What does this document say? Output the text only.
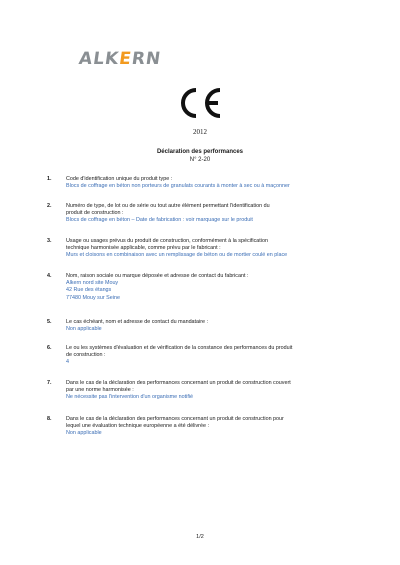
ALKERN
2012
Déclaration des performances
N° 2-20
1.	Code d'identification unique du produit type :
Blocs de coffrage en béton non porteurs de granulats courants à monter à sec ou à maçonner
2.	Numéro de type, de lot ou de série ou tout autre élément permettant l'identification du
produit de construction :
Blocs de coffrage en béton – Date de fabrication : voir marquage sur le produit
3.	Usage ou usages prévus du produit de construction, conformément à la spécification
technique harmonisée applicable, comme prévu par le fabricant :
Murs et cloisons en combinaison avec un remplissage de béton ou de mortier coulé en place
4.	Nom, raison sociale ou marque déposée et adresse de contact du fabricant :
Alkern nord site Mouy
42 Rue des étangs
77480 Mouy sur Seine
5.	Le cas échéant, nom et adresse de contact du mandataire :
Non applicable
6.	Le ou les systèmes d'évaluation et de vérification de la constance des performances du produit
de construction :
4
7.	Dans le cas de la déclaration des performances concernant un produit de construction couvert
par une norme harmonisée :
Ne nécessite pas l'intervention d'un organisme notifié
8.	Dans le cas de la déclaration des performances concernant un produit de construction pour
lequel une évaluation technique européenne a été délivrée :
Non applicable
1/2
